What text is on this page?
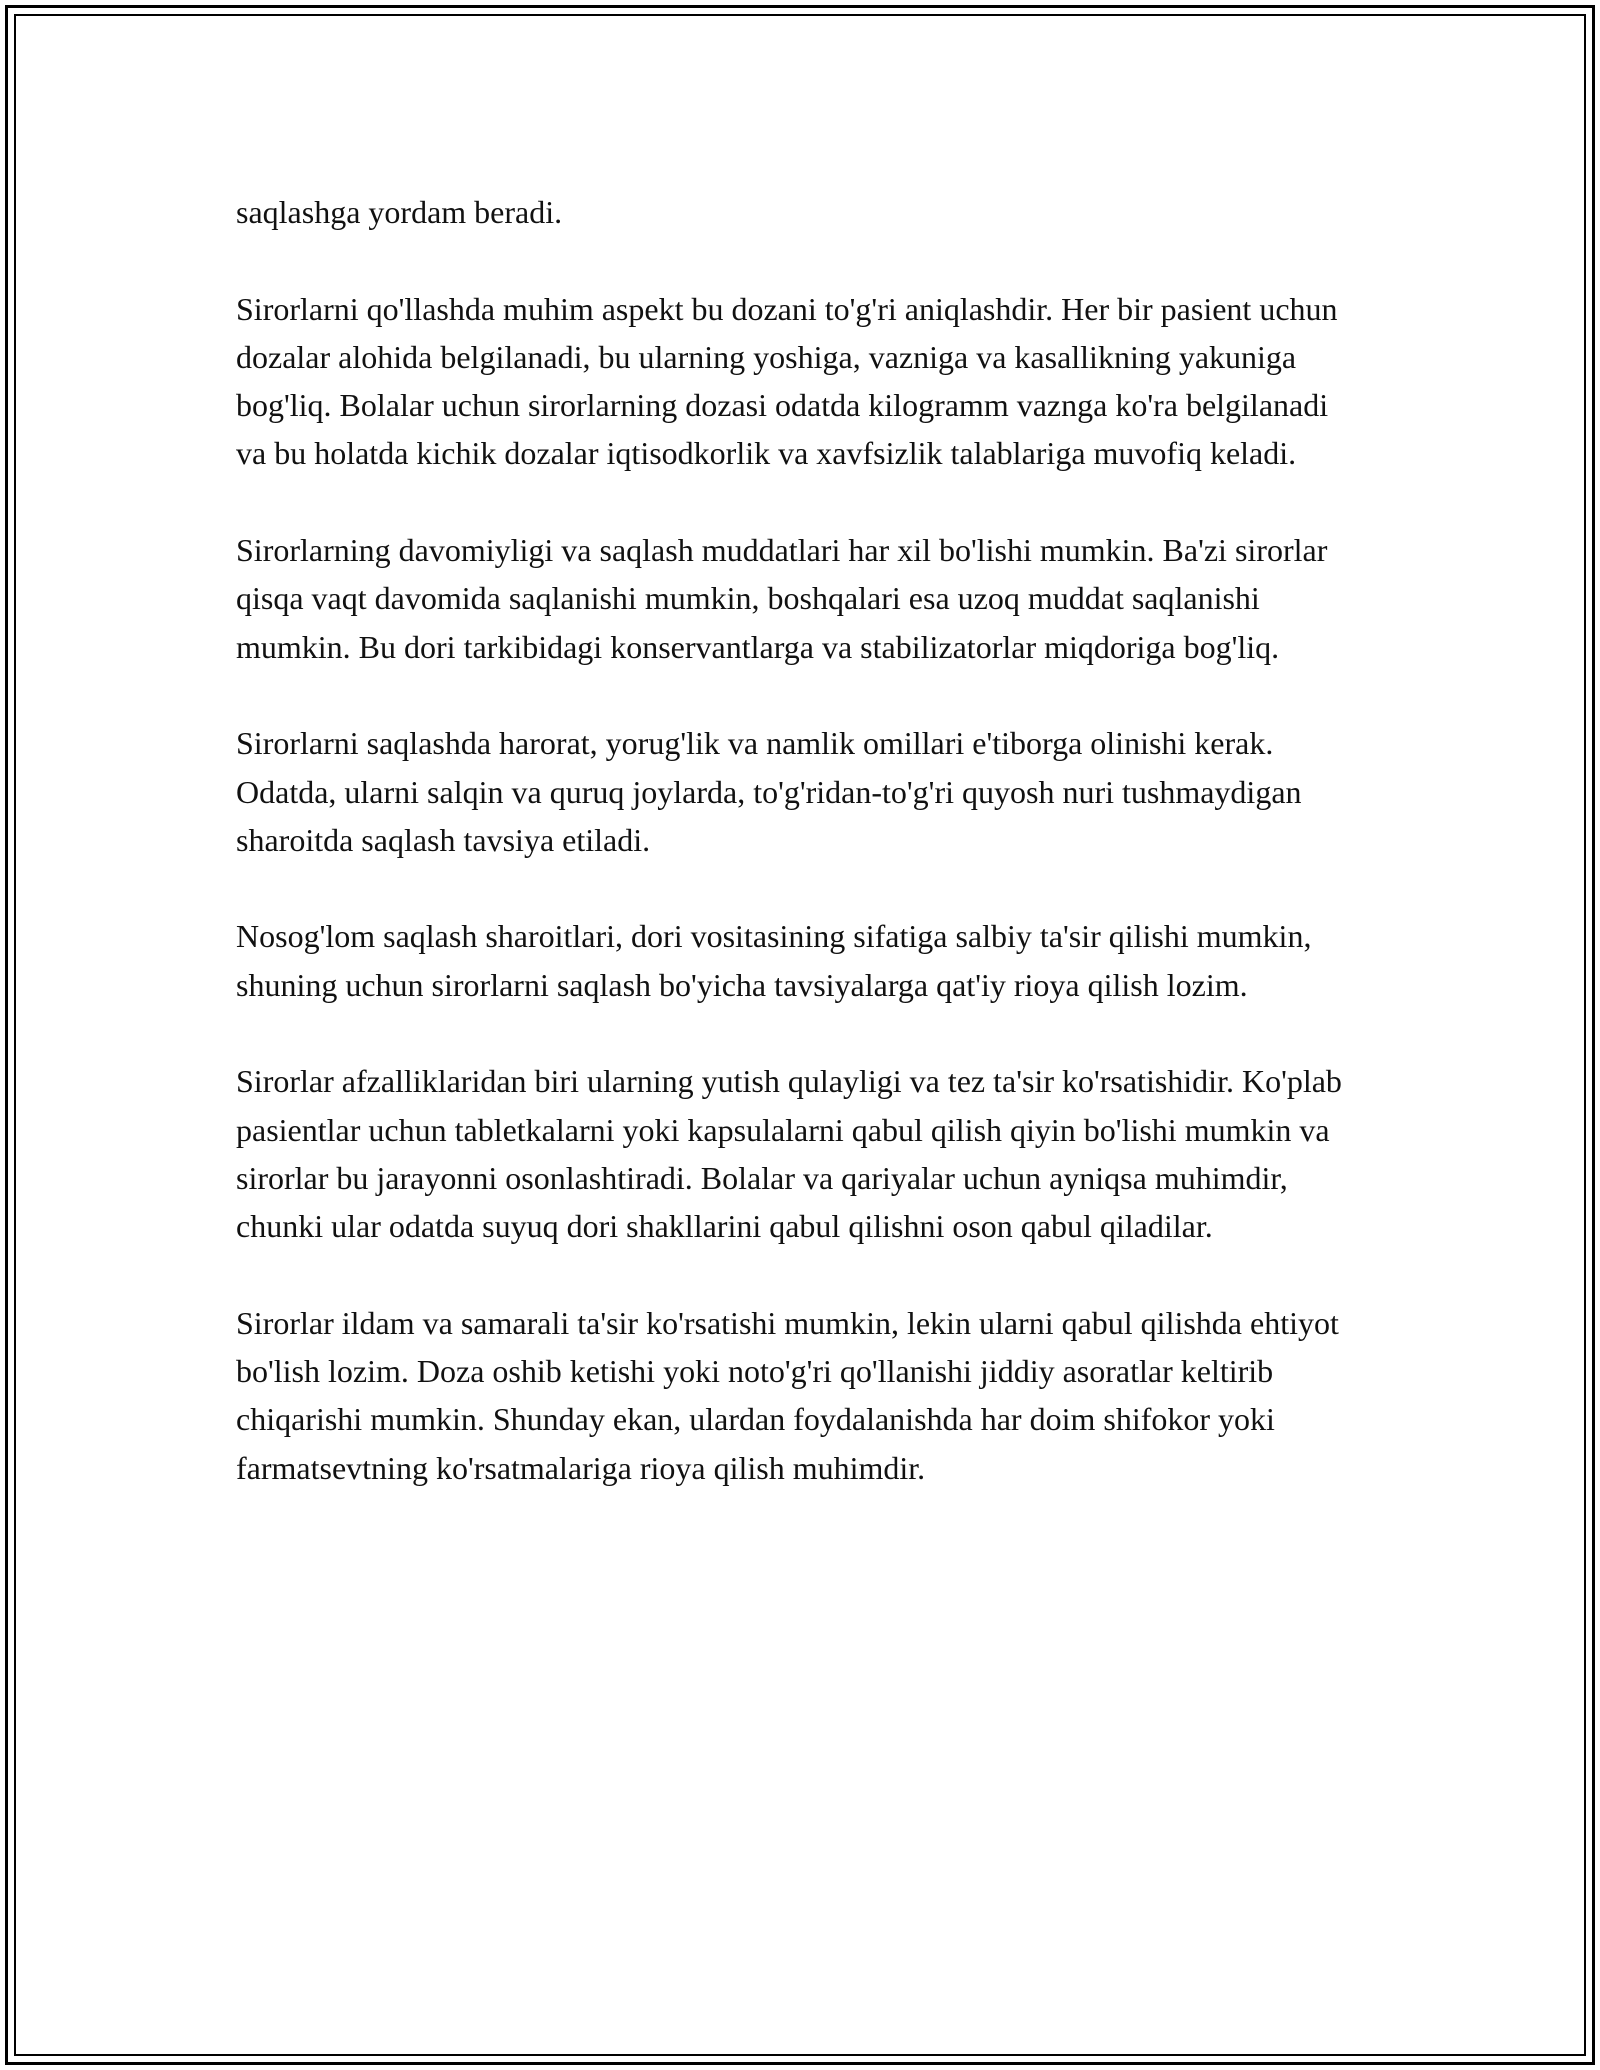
saqlashga yordam beradi.

Sirorlarni qo'llashda muhim aspekt bu dozani to'g'ri aniqlashdir. Her bir pasient uchun dozalar alohida belgilanadi, bu ularning yoshiga, vazniga va kasallikning yakuniga bog'liq. Bolalar uchun sirorlarning dozasi odatda kilogramm vaznga ko'ra belgilanadi va bu holatda kichik dozalar iqtisodkorlik va xavfsizlik talablariga muvofiq keladi.

Sirorlarning davomiyligi va saqlash muddatlari har xil bo'lishi mumkin. Ba'zi sirorlar qisqa vaqt davomida saqlanishi mumkin, boshqalari esa uzoq muddat saqlanishi mumkin. Bu dori tarkibidagi konservantlarga va stabilizatorlar miqdoriga bog'liq.

Sirorlarni saqlashda harorat, yorug'lik va namlik omillari e'tiborga olinishi kerak. Odatda, ularni salqin va quruq joylarda, to'g'ridan-to'g'ri quyosh nuri tushmaydigan sharoitda saqlash tavsiya etiladi.

Nosog'lom saqlash sharoitlari, dori vositasining sifatiga salbiy ta'sir qilishi mumkin, shuning uchun sirorlarni saqlash bo'yicha tavsiyalarga qat'iy rioya qilish lozim.

Sirorlar afzalliklaridan biri ularning yutish qulayligi va tez ta'sir ko'rsatishidir. Ko'plab pasientlar uchun tabletkalarni yoki kapsulalarni qabul qilish qiyin bo'lishi mumkin va sirorlar bu jarayonni osonlashtiradi. Bolalar va qariyalar uchun ayniqsa muhimdir, chunki ular odatda suyuq dori shakllarini qabul qilishni oson qabul qiladilar.

Sirorlar ildam va samarali ta'sir ko'rsatishi mumkin, lekin ularni qabul qilishda ehtiyot bo'lish lozim. Doza oshib ketishi yoki noto'g'ri qo'llanishi jiddiy asoratlar keltirib chiqarishi mumkin. Shunday ekan, ulardan foydalanishda har doim shifokor yoki farmatsevtning ko'rsatmalariga rioya qilish muhimdir.
